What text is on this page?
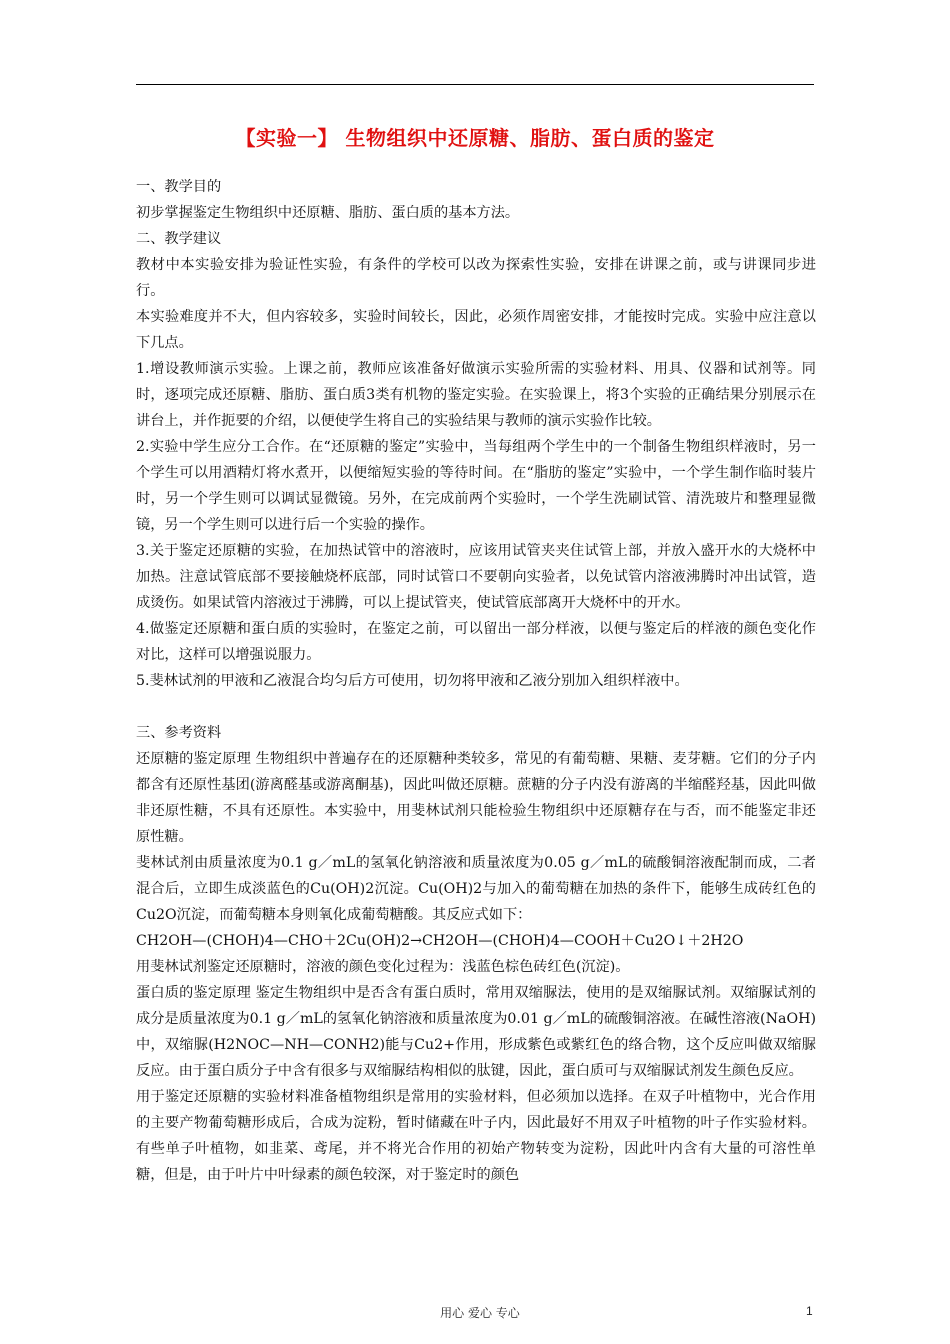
【实验一】 生物组织中还原糖、脂肪、蛋白质的鉴定

一、教学目的

初步掌握鉴定生物组织中还原糖、脂肪、蛋白质的基本方法。

二、教学建议

教材中本实验安排为验证性实验，有条件的学校可以改为探索性实验，安排在讲课之前，或与讲课同步进行。

本实验难度并不大，但内容较多，实验时间较长，因此，必须作周密安排，才能按时完成。实验中应注意以下几点。

1.增设教师演示实验。上课之前，教师应该准备好做演示实验所需的实验材料、用具、仪器和试剂等。同时，逐项完成还原糖、脂肪、蛋白质3类有机物的鉴定实验。在实验课上，将3个实验的正确结果分别展示在讲台上，并作扼要的介绍，以便使学生将自己的实验结果与教师的演示实验作比较。

2.实验中学生应分工合作。在“还原糖的鉴定”实验中，当每组两个学生中的一个制备生物组织样液时，另一个学生可以用酒精灯将水煮开，以便缩短实验的等待时间。在“脂肪的鉴定”实验中，一个学生制作临时装片时，另一个学生则可以调试显微镜。另外，在完成前两个实验时，一个学生洗刷试管、清洗玻片和整理显微镜，另一个学生则可以进行后一个实验的操作。

3.关于鉴定还原糖的实验，在加热试管中的溶液时，应该用试管夹夹住试管上部，并放入盛开水的大烧杯中加热。注意试管底部不要接触烧杯底部，同时试管口不要朝向实验者，以免试管内溶液沸腾时冲出试管，造成烫伤。如果试管内溶液过于沸腾，可以上提试管夹，使试管底部离开大烧杯中的开水。

4.做鉴定还原糖和蛋白质的实验时，在鉴定之前，可以留出一部分样液，以便与鉴定后的样液的颜色变化作对比，这样可以增强说服力。

5.斐林试剂的甲液和乙液混合均匀后方可使用，切勿将甲液和乙液分别加入组织样液中。

三、参考资料

还原糖的鉴定原理 生物组织中普遍存在的还原糖种类较多，常见的有葡萄糖、果糖、麦芽糖。它们的分子内都含有还原性基团(游离醛基或游离酮基)，因此叫做还原糖。蔗糖的分子内没有游离的半缩醛羟基，因此叫做非还原性糖，不具有还原性。本实验中，用斐林试剂只能检验生物组织中还原糖存在与否，而不能鉴定非还原性糖。

斐林试剂由质量浓度为0.1 g／mL的氢氧化钠溶液和质量浓度为0.05 g／mL的硫酸铜溶液配制而成，二者混合后，立即生成淡蓝色的Cu(OH)2沉淀。Cu(OH)2与加入的葡萄糖在加热的条件下，能够生成砖红色的Cu2O沉淀，而葡萄糖本身则氧化成葡萄糖酸。其反应式如下：

CH2OH—(CHOH)4—CHO＋2Cu(OH)2→CH2OH—(CHOH)4—COOH＋Cu2O↓＋2H2O

用斐林试剂鉴定还原糖时，溶液的颜色变化过程为：浅蓝色棕色砖红色(沉淀)。

蛋白质的鉴定原理 鉴定生物组织中是否含有蛋白质时，常用双缩脲法，使用的是双缩脲试剂。双缩脲试剂的成分是质量浓度为0.1 g／mL的氢氧化钠溶液和质量浓度为0.01 g／mL的硫酸铜溶液。在碱性溶液(NaOH)中，双缩脲(H2NOC—NH—CONH2)能与Cu2+作用，形成紫色或紫红色的络合物，这个反应叫做双缩脲反应。由于蛋白质分子中含有很多与双缩脲结构相似的肽键，因此，蛋白质可与双缩脲试剂发生颜色反应。

用于鉴定还原糖的实验材料准备植物组织是常用的实验材料，但必须加以选择。在双子叶植物中，光合作用的主要产物葡萄糖形成后，合成为淀粉，暂时储藏在叶子内，因此最好不用双子叶植物的叶子作实验材料。有些单子叶植物，如韭菜、鸢尾，并不将光合作用的初始产物转变为淀粉，因此叶内含有大量的可溶性单糖，但是，由于叶片中叶绿素的颜色较深，对于鉴定时的颜色

用心 爱心 专心	1
